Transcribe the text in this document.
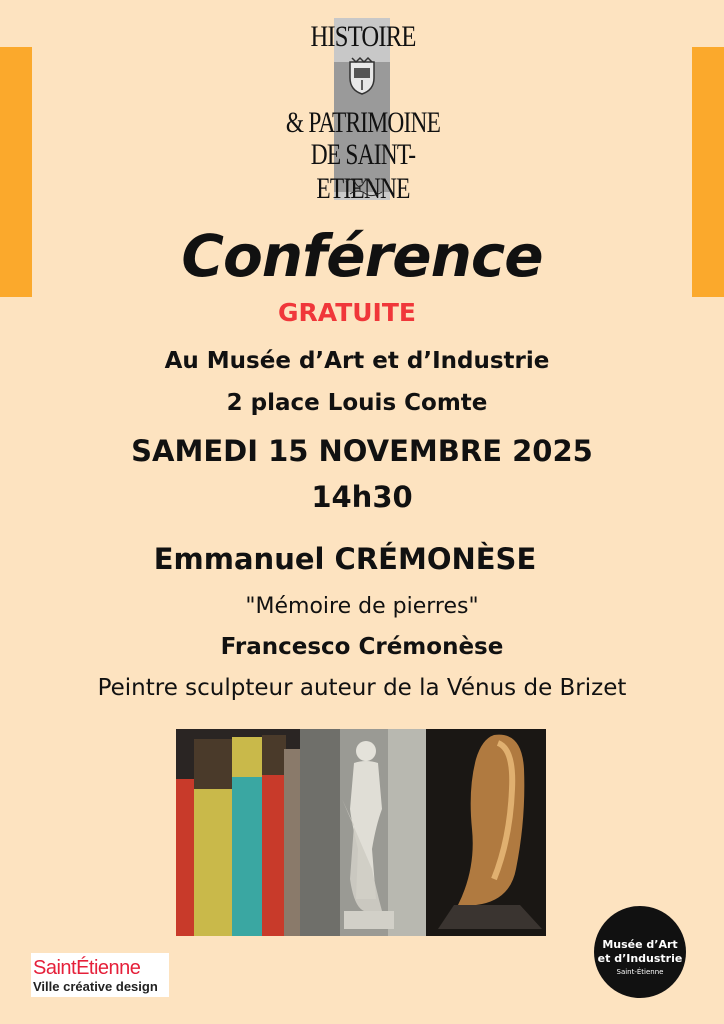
HISTOIRE
& PATRIMOINE
DE SAINT-ETIENNE
Conférence
GRATUITE
Au Musée d’Art et d’Industrie
2 place Louis Comte
SAMEDI 15 NOVEMBRE 2025
14h30
Emmanuel CRÉMONÈSE
"Mémoire de pierres"
Francesco Crémonèse
Peintre sculpteur auteur de la Vénus de Brizet
SaintÉtienne
Ville créative design
Musée d’Art
et d’Industrie
Saint-Étienne
